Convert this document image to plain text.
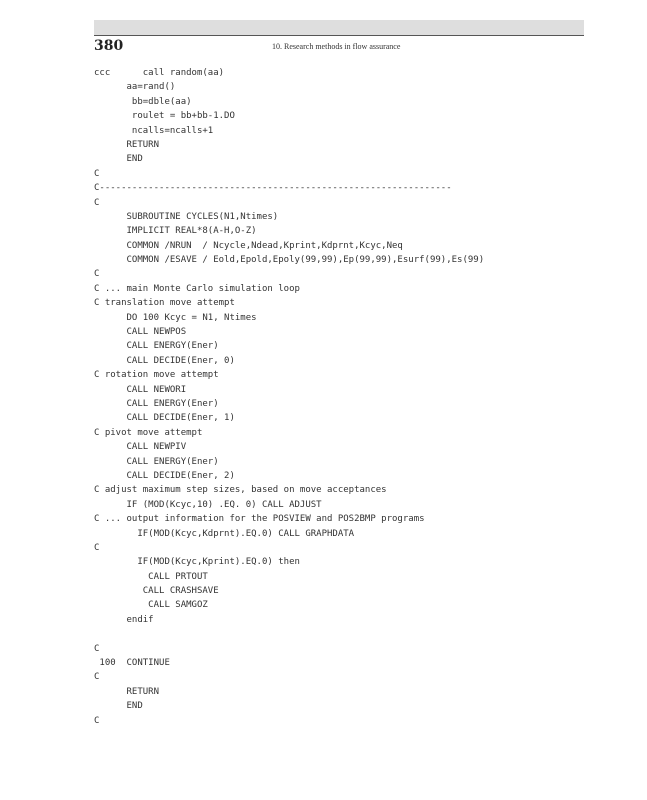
380	10. Research methods in flow assurance
ccc      call random(aa)
aa=rand()
bb=dble(aa)
roulet = bb+bb-1.DO
ncalls=ncalls+1
RETURN
END
C
C-----------------------------------------------------------------
C
SUBROUTINE CYCLES(N1,Ntimes)
IMPLICIT REAL*8(A-H,O-Z)
COMMON /NRUN  / Ncycle,Ndead,Kprint,Kdprnt,Kcyc,Neq
COMMON /ESAVE / Eold,Epold,Epoly(99,99),Ep(99,99),Esurf(99),Es(99)
C
C ... main Monte Carlo simulation loop
C translation move attempt
DO 100 Kcyc = N1, Ntimes
CALL NEWPOS
CALL ENERGY(Ener)
CALL DECIDE(Ener, 0)
C rotation move attempt
CALL NEWORI
CALL ENERGY(Ener)
CALL DECIDE(Ener, 1)
C pivot move attempt
CALL NEWPIV
CALL ENERGY(Ener)
CALL DECIDE(Ener, 2)
C adjust maximum step sizes, based on move acceptances
IF (MOD(Kcyc,10) .EQ. 0) CALL ADJUST
C ... output information for the POSVIEW and POS2BMP programs
IF(MOD(Kcyc,Kdprnt).EQ.0) CALL GRAPHDATA
C
IF(MOD(Kcyc,Kprint).EQ.0) then
CALL PRTOUT
CALL CRASHSAVE
CALL SAMGOZ
endif
C
100  CONTINUE
C
RETURN
END
C
